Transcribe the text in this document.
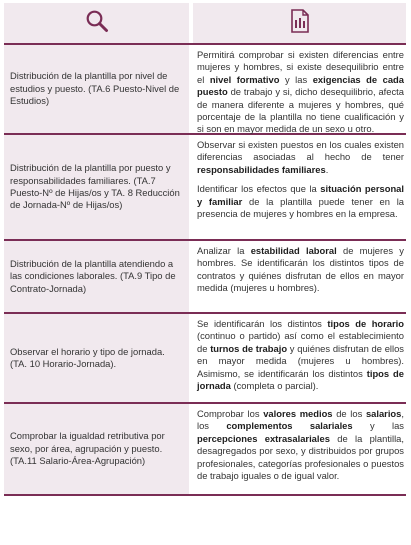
Distribución de la plantilla por nivel de estudios y puesto. (TA.6 Puesto-Nivel de Estudios)

Permitirá comprobar si existen diferencias entre mujeres y hombres, si existe desequilibrio entre el nivel formativo y las exigencias de cada puesto de trabajo y si, dicho desequilibrio, afecta de manera diferente a mujeres y hombres, qué porcentaje de la plantilla no tiene cualificación y si son en mayor medida de un sexo u otro.

Distribución de la plantilla por puesto y responsabilidades familiares. (TA.7 Puesto-Nº de Hijas/os y TA. 8 Reducción de Jornada-Nº de Hijas/os)

Observar si existen puestos en los cuales existen diferencias asociadas al hecho de tener responsabilidades familiares.

Identificar los efectos que la situación personal y familiar de la plantilla puede tener en la presencia de mujeres y hombres en la empresa.

Distribución de la plantilla atendiendo a las condiciones laborales. (TA.9 Tipo de Contrato-Jornada)

Analizar la estabilidad laboral de mujeres y hombres. Se identificarán los distintos tipos de contratos y quiénes disfrutan de ellos en mayor medida (mujeres u hombres).

Observar el horario y tipo de jornada. (TA. 10 Horario-Jornada).

Se identificarán los distintos tipos de horario (continuo o partido) así como el establecimiento de turnos de trabajo y quiénes disfrutan de ellos en mayor medida (mujeres u hombres). Asimismo, se identificarán los distintos tipos de jornada (completa o parcial).

Comprobar la igualdad retributiva por sexo, por área, agrupación y puesto. (TA.11 Salario-Área-Agrupación)

Comprobar los valores medios de los salarios, los complementos salariales y las percepciones extrasalariales de la plantilla, desagregados por sexo, y distribuidos por grupos profesionales, categorías profesionales o puestos de trabajo iguales o de igual valor.
